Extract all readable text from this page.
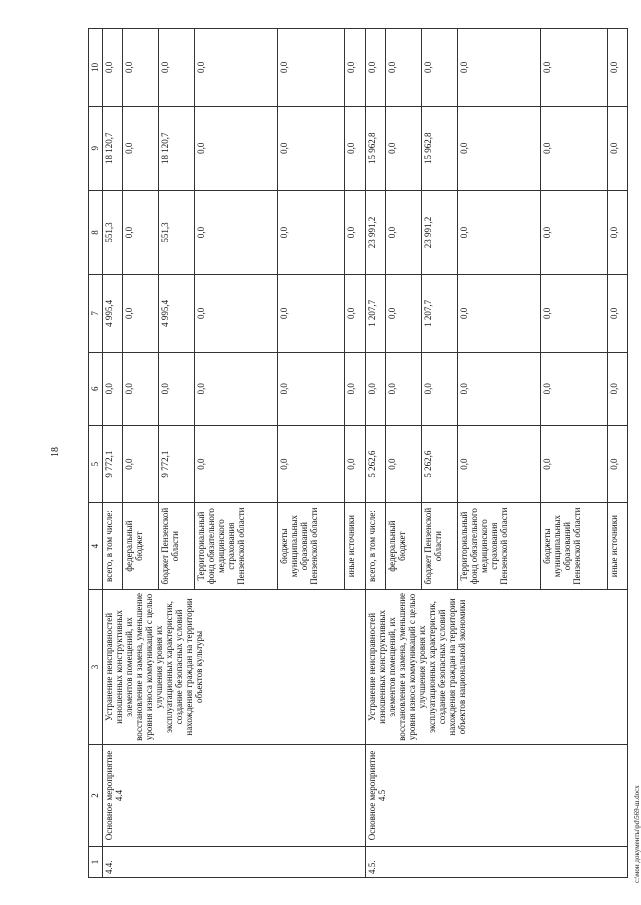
18
1	2	3	4	5	6	7	8	9	10
4.4.	Основное мероприятие 4.4	Устранение неисправностей изношенных конструктивных элементов помещений, их восстановление и замена, уменьшение уровня износа коммуникаций с целью улучшения уровня их эксплуатационных характеристик, создание безопасных условий нахождения граждан на территории объектов культуры	всего, в том числе:	9 772,1	0,0	4 995,4	551,3	18 120,7	0,0
			федеральный бюджет	0,0	0,0	0,0	0,0	0,0	0,0
			бюджет Пензенской области	9 772,1	0,0	4 995,4	551,3	18 120,7	0,0
			Территориальный фонд обязательного медицинского страхования Пензенской области	0,0	0,0	0,0	0,0	0,0	0,0
			бюджеты муниципальных образований Пензенской области	0,0	0,0	0,0	0,0	0,0	0,0
			иные источники	0,0	0,0	0,0	0,0	0,0	0,0
4.5.	Основное мероприятие 4.5	Устранение неисправностей изношенных конструктивных элементов помещений, их восстановление и замена, уменьшение уровня износа коммуникаций с целью улучшения уровня их эксплуатационных характеристик, создание безопасных условий нахождения граждан на территории объектов национальной экономики	всего, в том числе:	5 262,6	0,0	1 207,7	23 991,2	15 962,8	0,0
			федеральный бюджет	0,0	0,0	0,0	0,0	0,0	0,0
			бюджет Пензенской области	5 262,6	0,0	1 207,7	23 991,2	15 962,8	0,0
			Территориальный фонд обязательного медицинского страхования Пензенской области	0,0	0,0	0,0	0,0	0,0	0,0
			бюджеты муниципальных образований Пензенской области	0,0	0,0	0,0	0,0	0,0	0,0
			иные источники	0,0	0,0	0,0	0,0	0,0	0,0
c:\мои документы\pd\569-ш.docx
